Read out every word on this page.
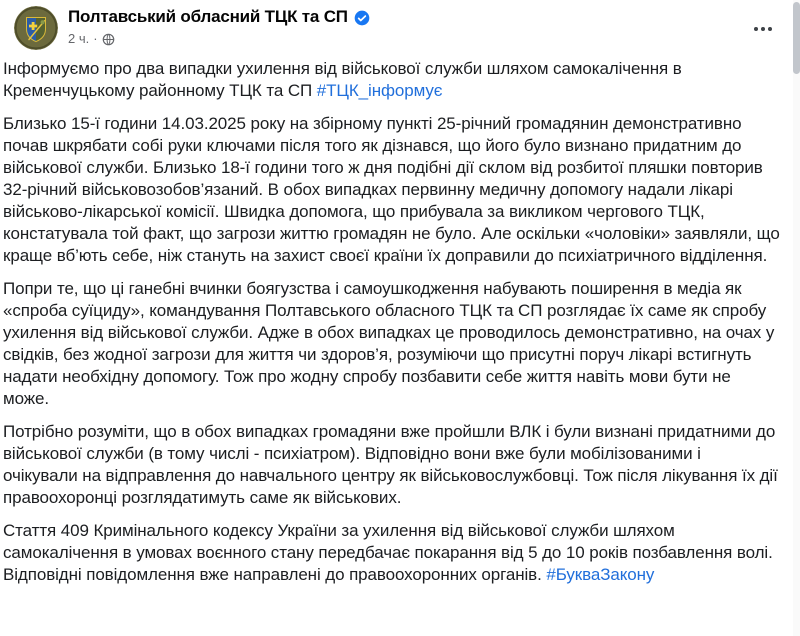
Полтавський обласний ТЦК та СП
2 ч. ·

Інформуємо про два випадки ухилення від військової служби шляхом самокалічення в Кременчуцькому районному ТЦК та СП #ТЦК_інформує

Близько 15-ї години 14.03.2025 року на збірному пункті 25-річний громадянин демонстративно почав шкрябати собі руки ключами після того як дізнався, що його було визнано придатним до військової служби. Близько 18-ї години того ж дня подібні дії склом від розбитої пляшки повторив 32-річний військовозобов’язаний. В обох випадках первинну медичну допомогу надали лікарі військово-лікарської комісії. Швидка допомога, що прибувала за викликом чергового ТЦК, констатувала той факт, що загрози життю громадян не було. Але оскільки «чоловіки» заявляли, що краще вб’ють себе, ніж стануть на захист своєї країни їх доправили до психіатричного відділення.

Попри те, що ці ганебні вчинки боягузства і самоушкодження набувають поширення в медіа як «спроба суїциду», командування Полтавського обласного ТЦК та СП розглядає їх саме як спробу ухилення від військової служби. Адже в обох випадках це проводилось демонстративно, на очах у свідків, без жодної загрози для життя чи здоров’я, розуміючи що присутні поруч лікарі встигнуть надати необхідну допомогу. Тож про жодну спробу позбавити себе життя навіть мови бути не може.

Потрібно розуміти, що в обох випадках громадяни вже пройшли ВЛК і були визнані придатними до військової служби (в тому числі - психіатром). Відповідно вони вже були мобілізованими і очікували на відправлення до навчального центру як військовослужбовці. Тож після лікування їх дії правоохоронці розглядатимуть саме як військових.

Стаття 409 Кримінального кодексу України за ухилення від військової служби шляхом самокалічення в умовах воєнного стану передбачає покарання від 5 до 10 років позбавлення волі. Відповідні повідомлення вже направлені до правоохоронних органів. #БукваЗакону
